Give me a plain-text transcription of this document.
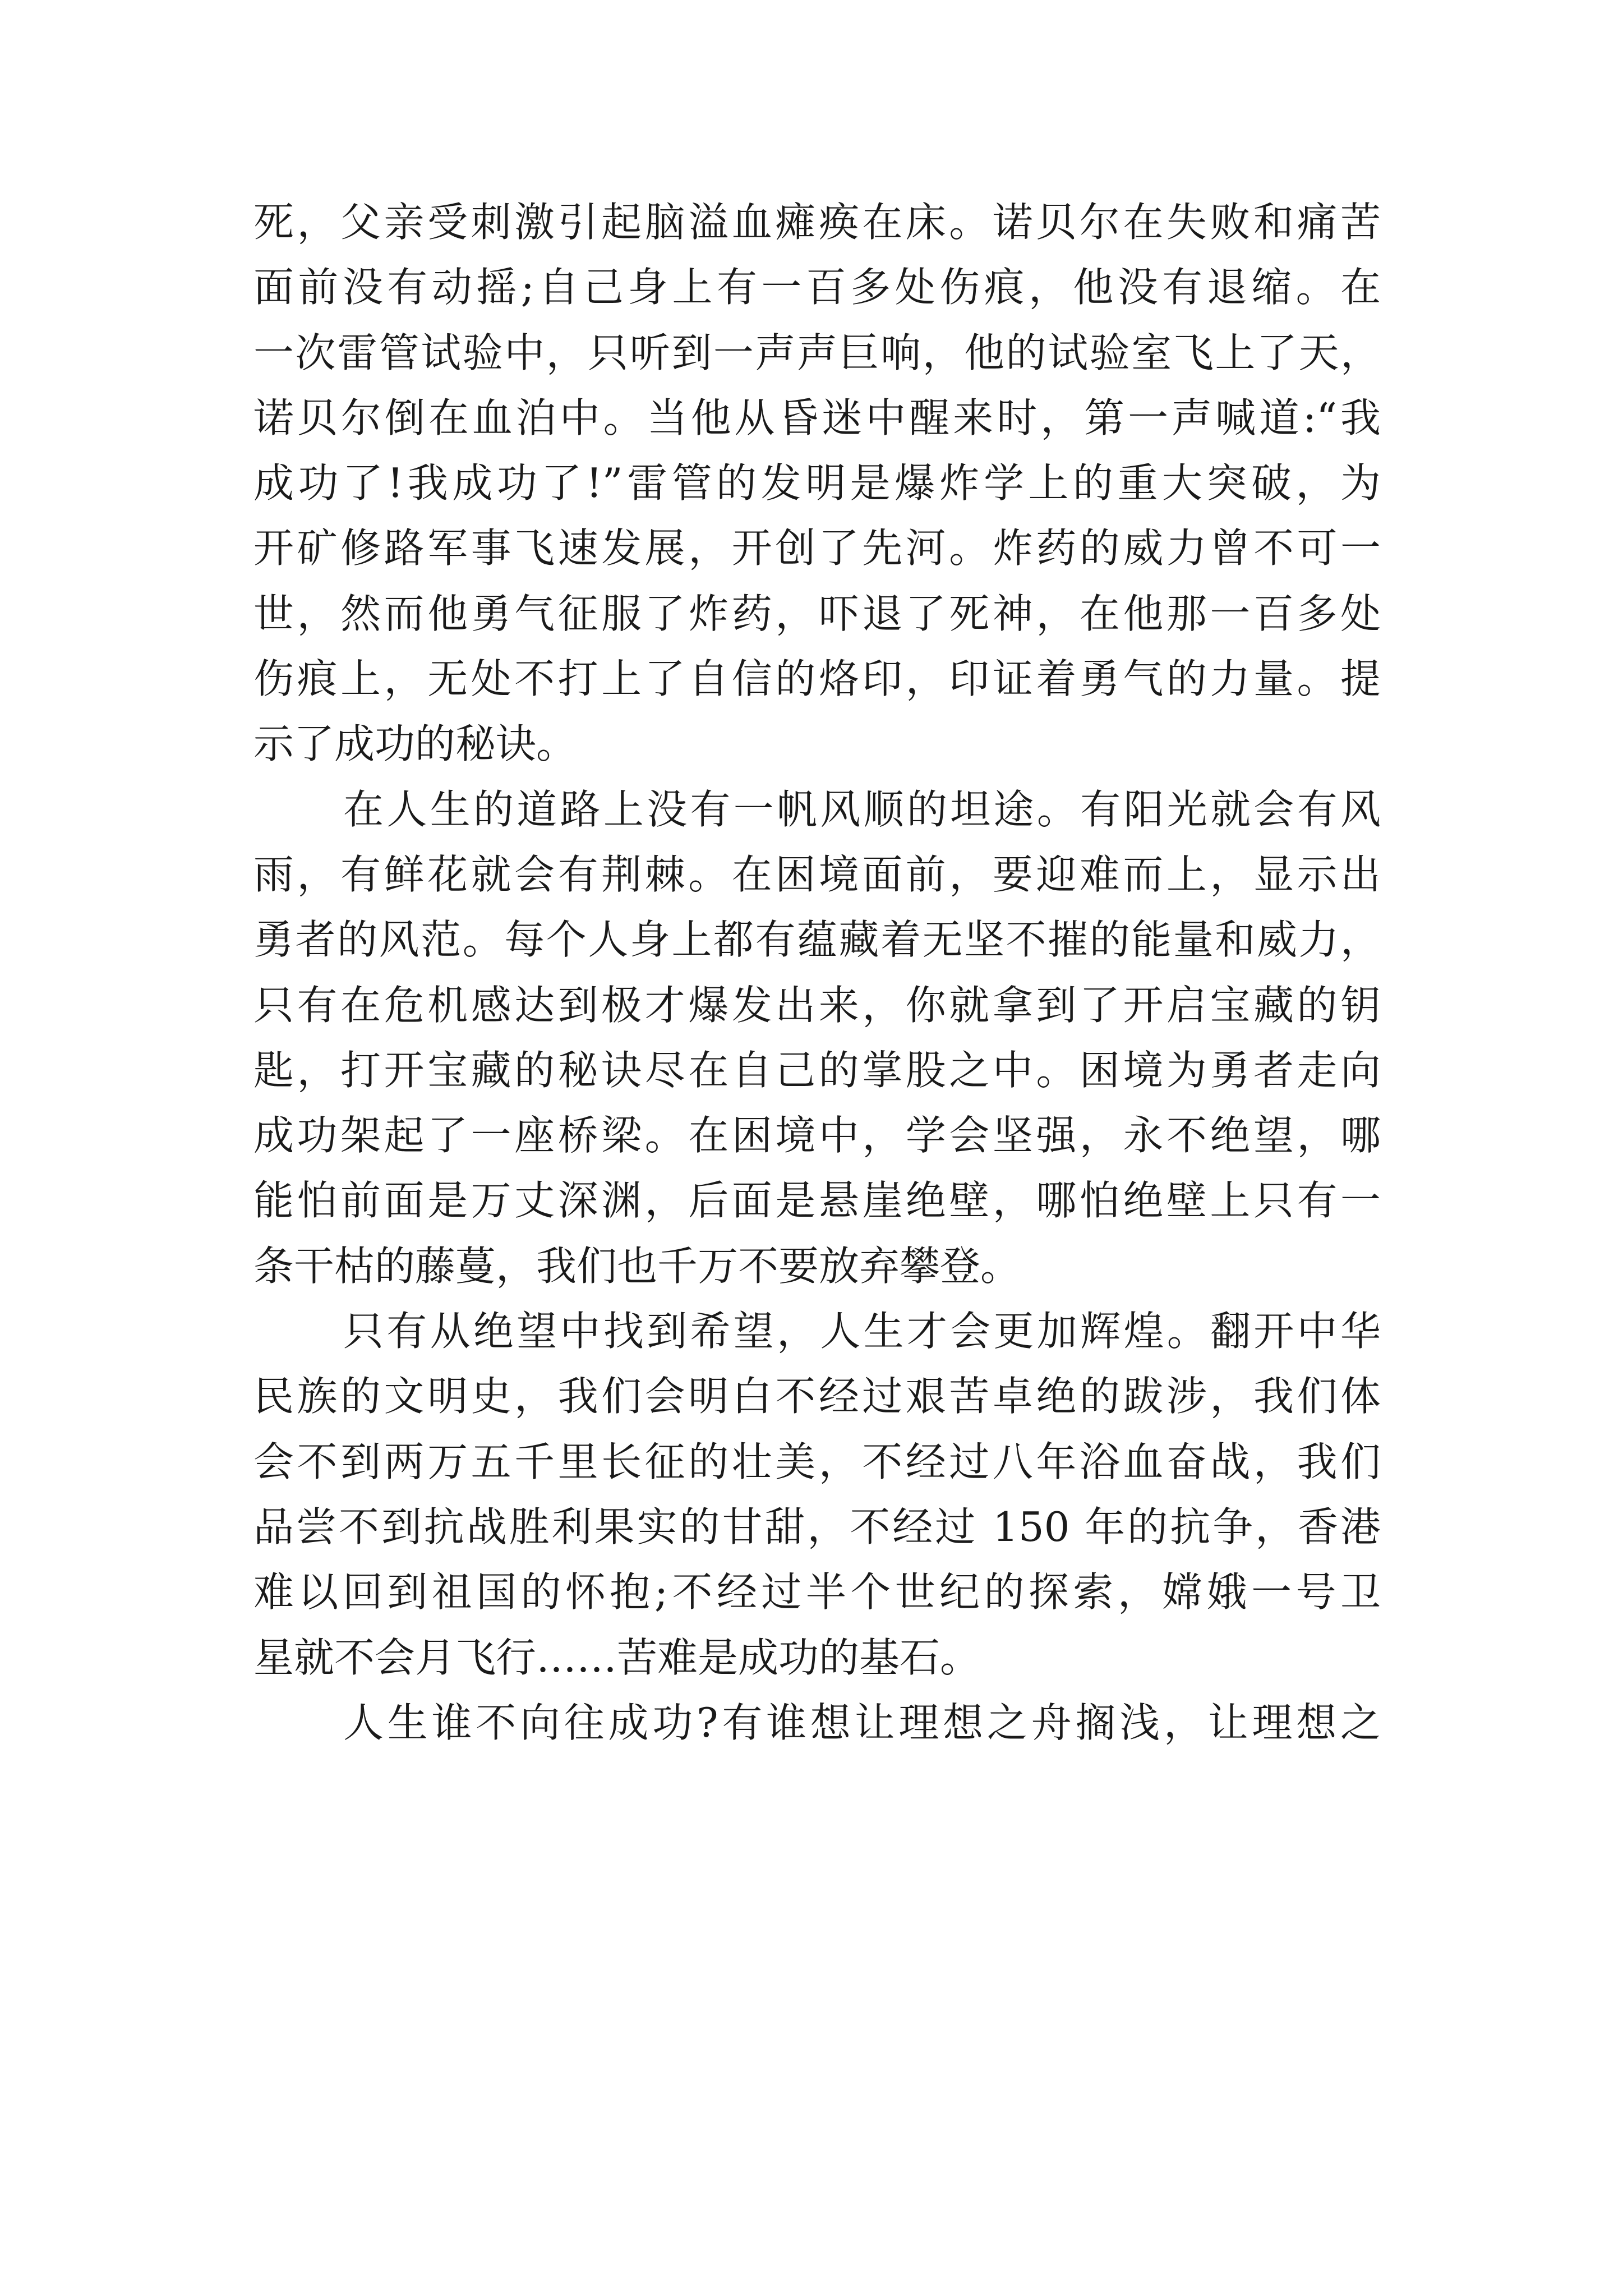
死，父亲受刺激引起脑溢血瘫痪在床。诺贝尔在失败和痛苦
面前没有动摇;自己身上有一百多处伤痕，他没有退缩。在
一次雷管试验中，只听到一声声巨响，他的试验室飞上了天，
诺贝尔倒在血泊中。当他从昏迷中醒来时，第一声喊道:“我
成功了!我成功了!”雷管的发明是爆炸学上的重大突破，为
开矿修路军事飞速发展，开创了先河。炸药的威力曾不可一
世，然而他勇气征服了炸药，吓退了死神，在他那一百多处
伤痕上，无处不打上了自信的烙印，印证着勇气的力量。提
示了成功的秘诀。
在人生的道路上没有一帆风顺的坦途。有阳光就会有风
雨，有鲜花就会有荆棘。在困境面前，要迎难而上，显示出
勇者的风范。每个人身上都有蕴藏着无坚不摧的能量和威力，
只有在危机感达到极才爆发出来，你就拿到了开启宝藏的钥
匙，打开宝藏的秘诀尽在自己的掌股之中。困境为勇者走向
成功架起了一座桥梁。在困境中，学会坚强，永不绝望，哪
能怕前面是万丈深渊，后面是悬崖绝壁，哪怕绝壁上只有一
条干枯的藤蔓，我们也千万不要放弃攀登。
只有从绝望中找到希望，人生才会更加辉煌。翻开中华
民族的文明史，我们会明白不经过艰苦卓绝的跋涉，我们体
会不到两万五千里长征的壮美，不经过八年浴血奋战，我们
品尝不到抗战胜利果实的甘甜，不经过 150 年的抗争，香港
难以回到祖国的怀抱;不经过半个世纪的探索，嫦娥一号卫
星就不会月飞行……苦难是成功的基石。
人生谁不向往成功?有谁想让理想之舟搁浅，让理想之
